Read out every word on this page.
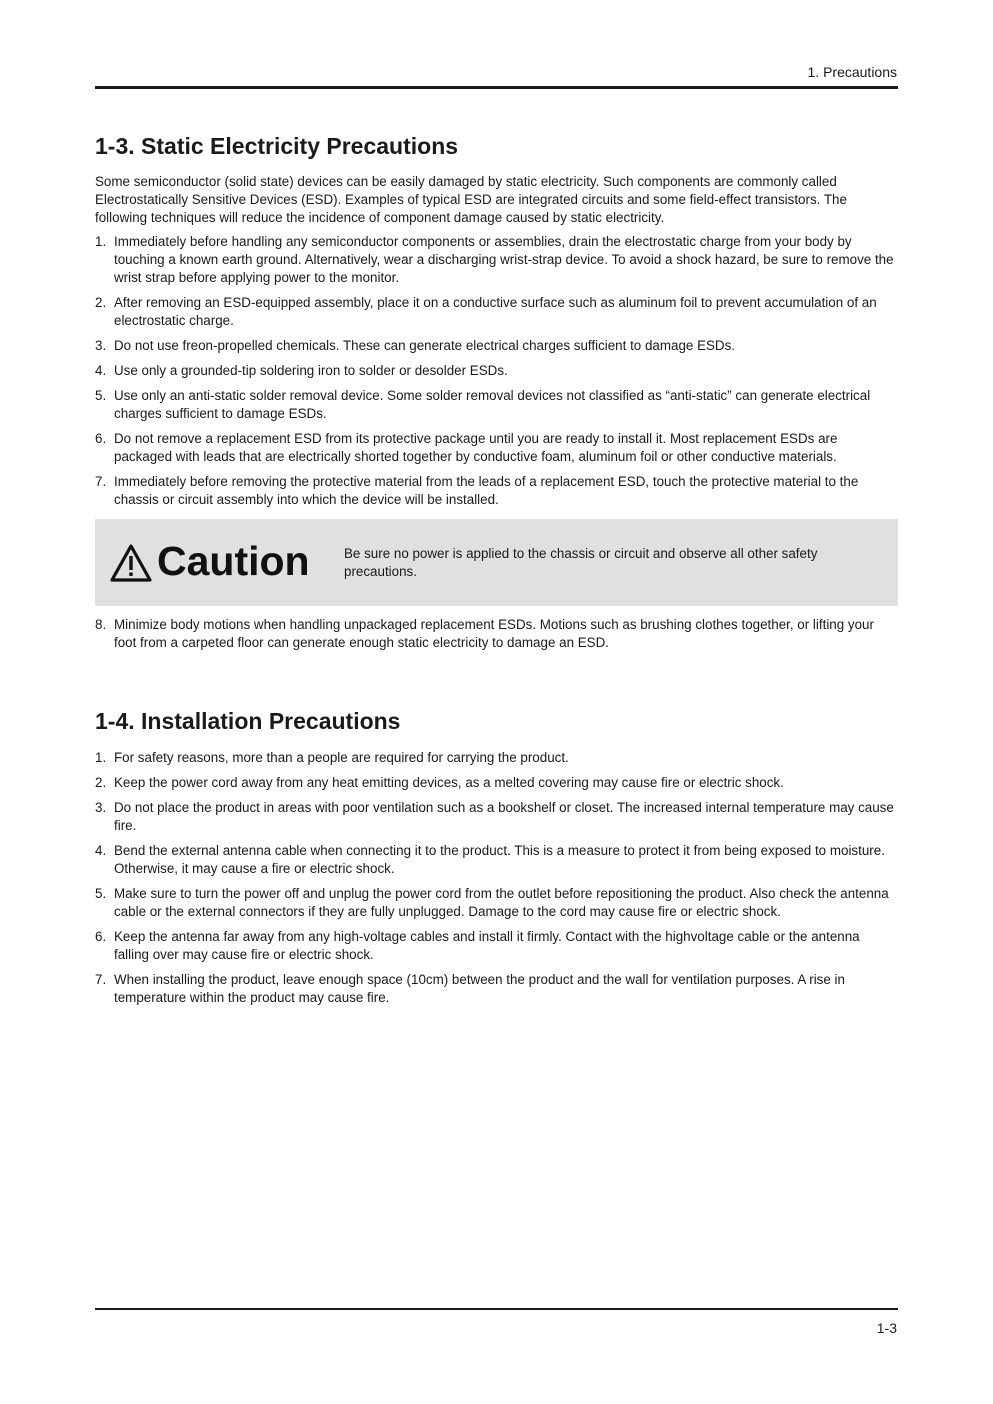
1. Precautions
1-3. Static Electricity Precautions

Some semiconductor (solid state) devices can be easily damaged by static electricity. Such components are commonly called Electrostatically Sensitive Devices (ESD). Examples of typical ESD are integrated circuits and some field-effect transistors. The following techniques will reduce the incidence of component damage caused by static electricity.

1. Immediately before handling any semiconductor components or assemblies, drain the electrostatic charge from your body by touching a known earth ground. Alternatively, wear a discharging wrist-strap device. To avoid a shock hazard, be sure to remove the wrist strap before applying power to the monitor.
2. After removing an ESD-equipped assembly, place it on a conductive surface such as aluminum foil to prevent accumulation of an electrostatic charge.
3. Do not use freon-propelled chemicals. These can generate electrical charges sufficient to damage ESDs.
4. Use only a grounded-tip soldering iron to solder or desolder ESDs.
5. Use only an anti-static solder removal device. Some solder removal devices not classified as “anti-static” can generate electrical charges sufficient to damage ESDs.
6. Do not remove a replacement ESD from its protective package until you are ready to install it. Most replacement ESDs are packaged with leads that are electrically shorted together by conductive foam, aluminum foil or other conductive materials.
7. Immediately before removing the protective material from the leads of a replacement ESD, touch the protective material to the chassis or circuit assembly into which the device will be installed.
Caution	Be sure no power is applied to the chassis or circuit and observe all other safety precautions.
8. Minimize body motions when handling unpackaged replacement ESDs. Motions such as brushing clothes together, or lifting your foot from a carpeted floor can generate enough static electricity to damage an ESD.
1-4. Installation Precautions
1. For safety reasons, more than a people are required for carrying the product.
2. Keep the power cord away from any heat emitting devices, as a melted covering may cause fire or electric shock.
3. Do not place the product in areas with poor ventilation such as a bookshelf or closet. The increased internal temperature may cause fire.
4. Bend the external antenna cable when connecting it to the product. This is a measure to protect it from being exposed to moisture. Otherwise, it may cause a fire or electric shock.
5. Make sure to turn the power off and unplug the power cord from the outlet before repositioning the product. Also check the antenna cable or the external connectors if they are fully unplugged. Damage to the cord may cause fire or electric shock.
6. Keep the antenna far away from any high-voltage cables and install it firmly. Contact with the highvoltage cable or the antenna falling over may cause fire or electric shock.
7. When installing the product, leave enough space (10cm) between the product and the wall for ventilation purposes. A rise in temperature within the product may cause fire.
1-3
